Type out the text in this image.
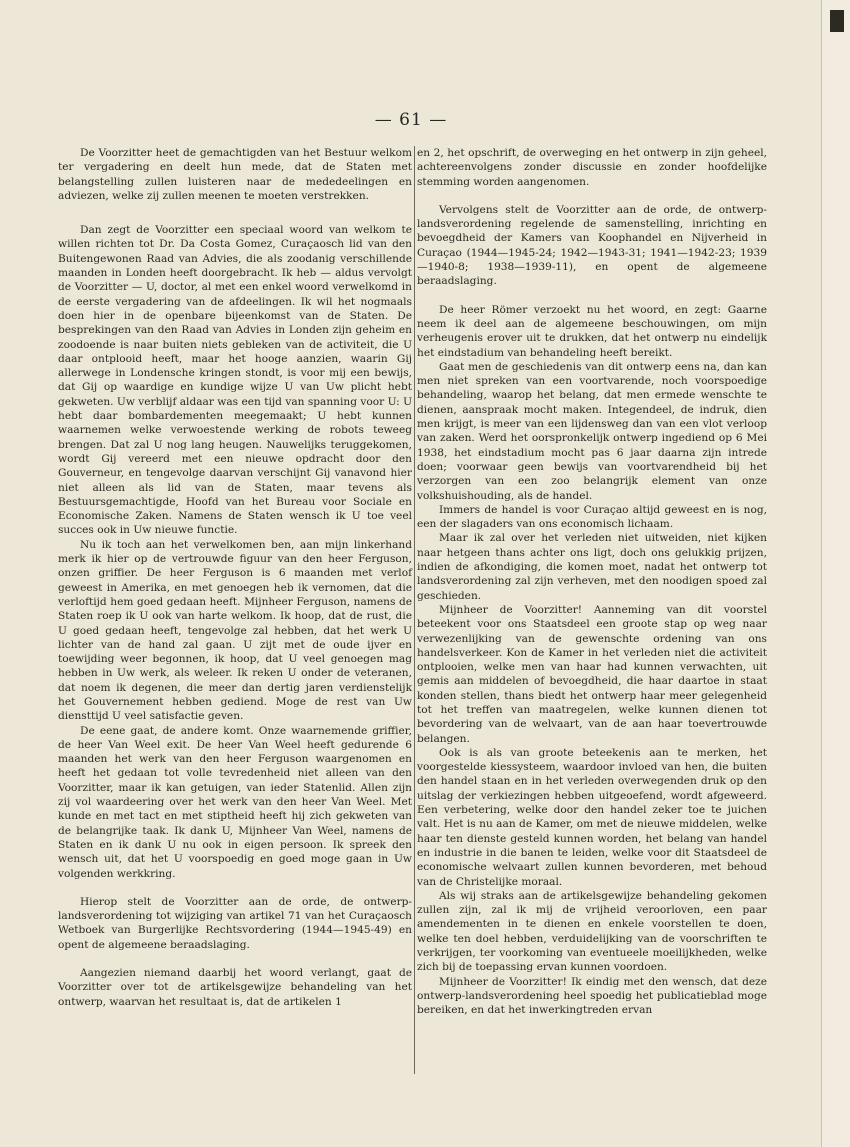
— 61 —

De Voorzitter heet de gemachtigden van het Bestuur welkom ter vergadering en deelt hun mede, dat de Staten met belangstelling zullen luisteren naar de mededeelingen en adviezen, welke zij zullen meenen te moeten verstrekken.

Dan zegt de Voorzitter een speciaal woord van welkom te willen richten tot Dr. Da Costa Gomez, Curaçaosch lid van den Buitengewonen Raad van Advies, die als zoodanig verschillende maanden in Londen heeft doorgebracht. Ik heb — aldus vervolgt de Voorzitter — U, doctor, al met een enkel woord verwelkomd in de eerste vergadering van de afdeelingen. Ik wil het nogmaals doen hier in de openbare bijeenkomst van de Staten. De besprekingen van den Raad van Advies in Londen zijn geheim en zoodoende is naar buiten niets gebleken van de activiteit, die U daar ontplooid heeft, maar het hooge aanzien, waarin Gij allerwege in Londensche kringen stondt, is voor mij een bewijs, dat Gij op waardige en kundige wijze U van Uw plicht hebt gekweten. Uw verblijf aldaar was een tijd van spanning voor U: U hebt daar bombardementen meegemaakt; U hebt kunnen waarnemen welke verwoestende werking de robots teweeg brengen. Dat zal U nog lang heugen. Nauwelijks teruggekomen, wordt Gij vereerd met een nieuwe opdracht door den Gouverneur, en tengevolge daarvan verschijnt Gij vanavond hier niet alleen als lid van de Staten, maar tevens als Bestuursgemachtigde, Hoofd van het Bureau voor Sociale en Economische Zaken. Namens de Staten wensch ik U toe veel succes ook in Uw nieuwe functie.

Nu ik toch aan het verwelkomen ben, aan mijn linkerhand merk ik hier op de vertrouwde figuur van den heer Ferguson, onzen griffier. De heer Ferguson is 6 maanden met verlof geweest in Amerika, en met genoegen heb ik vernomen, dat die verloftijd hem goed gedaan heeft. Mijnheer Ferguson, namens de Staten roep ik U ook van harte welkom. Ik hoop, dat de rust, die U goed gedaan heeft, tengevolge zal hebben, dat het werk U lichter van de hand zal gaan. U zijt met de oude ijver en toewijding weer begonnen, ik hoop, dat U veel genoegen mag hebben in Uw werk, als weleer. Ik reken U onder de veteranen, dat noem ik degenen, die meer dan dertig jaren verdienstelijk het Gouvernement hebben gediend. Moge de rest van Uw diensttijd U veel satisfactie geven.

De eene gaat, de andere komt. Onze waarnemende griffier, de heer Van Weel exit. De heer Van Weel heeft gedurende 6 maanden het werk van den heer Ferguson waargenomen en heeft het gedaan tot volle tevredenheid niet alleen van den Voorzitter, maar ik kan getuigen, van ieder Statenlid. Allen zijn zij vol waardeering over het werk van den heer Van Weel. Met kunde en met tact en met stiptheid heeft hij zich gekweten van de belangrijke taak. Ik dank U, Mijnheer Van Weel, namens de Staten en ik dank U nu ook in eigen persoon. Ik spreek den wensch uit, dat het U voorspoedig en goed moge gaan in Uw volgenden werkkring.

Hierop stelt de Voorzitter aan de orde, de ontwerp-landsverordening tot wijziging van artikel 71 van het Curaçaosch Wetboek van Burgerlijke Rechtsvordering (1944—1945-49) en opent de algemeene beraadslaging.

Aangezien niemand daarbij het woord verlangt, gaat de Voorzitter over tot de artikelsgewijze behandeling van het ontwerp, waarvan het resultaat is, dat de artikelen 1

en 2, het opschrift, de overweging en het ontwerp in zijn geheel, achtereenvolgens zonder discussie en zonder hoofdelijke stemming worden aangenomen.

Vervolgens stelt de Voorzitter aan de orde, de ontwerp-landsverordening regelende de samenstelling, inrichting en bevoegdheid der Kamers van Koophandel en Nijverheid in Curaçao (1944—1945-24; 1942—1943-31; 1941—1942-23; 1939—1940-8; 1938—1939-11), en opent de algemeene beraadslaging.

De heer Römer verzoekt nu het woord, en zegt: Gaarne neem ik deel aan de algemeene beschouwingen, om mijn verheugenis erover uit te drukken, dat het ontwerp nu eindelijk het eindstadium van behandeling heeft bereikt.

Gaat men de geschiedenis van dit ontwerp eens na, dan kan men niet spreken van een voortvarende, noch voorspoedige behandeling, waarop het belang, dat men ermede wenschte te dienen, aanspraak mocht maken. Integendeel, de indruk, dien men krijgt, is meer van een lijdensweg dan van een vlot verloop van zaken. Werd het oorspronkelijk ontwerp ingediend op 6 Mei 1938, het eindstadium mocht pas 6 jaar daarna zijn intrede doen; voorwaar geen bewijs van voortvarendheid bij het verzorgen van een zoo belangrijk element van onze volkshuishouding, als de handel.

Immers de handel is voor Curaçao altijd geweest en is nog, een der slagaders van ons economisch lichaam.

Maar ik zal over het verleden niet uitweiden, niet kijken naar hetgeen thans achter ons ligt, doch ons gelukkig prijzen, indien de afkondiging, die komen moet, nadat het ontwerp tot landsverordening zal zijn verheven, met den noodigen spoed zal geschieden.

Mijnheer de Voorzitter! Aanneming van dit voorstel beteekent voor ons Staatsdeel een groote stap op weg naar verwezenlijking van de gewenschte ordening van ons handelsverkeer. Kon de Kamer in het verleden niet die activiteit ontplooien, welke men van haar had kunnen verwachten, uit gemis aan middelen of bevoegdheid, die haar daartoe in staat konden stellen, thans biedt het ontwerp haar meer gelegenheid tot het treffen van maatregelen, welke kunnen dienen tot bevordering van de welvaart, van de aan haar toevertrouwde belangen.

Ook is als van groote beteekenis aan te merken, het voorgestelde kiessysteem, waardoor invloed van hen, die buiten den handel staan en in het verleden overwegenden druk op den uitslag der verkiezingen hebben uitgeoefend, wordt afgeweerd. Een verbetering, welke door den handel zeker toe te juichen valt. Het is nu aan de Kamer, om met de nieuwe middelen, welke haar ten dienste gesteld kunnen worden, het belang van handel en industrie in die banen te leiden, welke voor dit Staatsdeel de economische welvaart zullen kunnen bevorderen, met behoud van de Christelijke moraal.

Als wij straks aan de artikelsgewijze behandeling gekomen zullen zijn, zal ik mij de vrijheid veroorloven, een paar amendementen in te dienen en enkele voorstellen te doen, welke ten doel hebben, verduidelijking van de voorschriften te verkrijgen, ter voorkoming van eventueele moeilijkheden, welke zich bij de toepassing ervan kunnen voordoen.

Mijnheer de Voorzitter! Ik eindig met den wensch, dat deze ontwerp-landsverordening heel spoedig het publicatieblad moge bereiken, en dat het inwerkingtreden ervan
